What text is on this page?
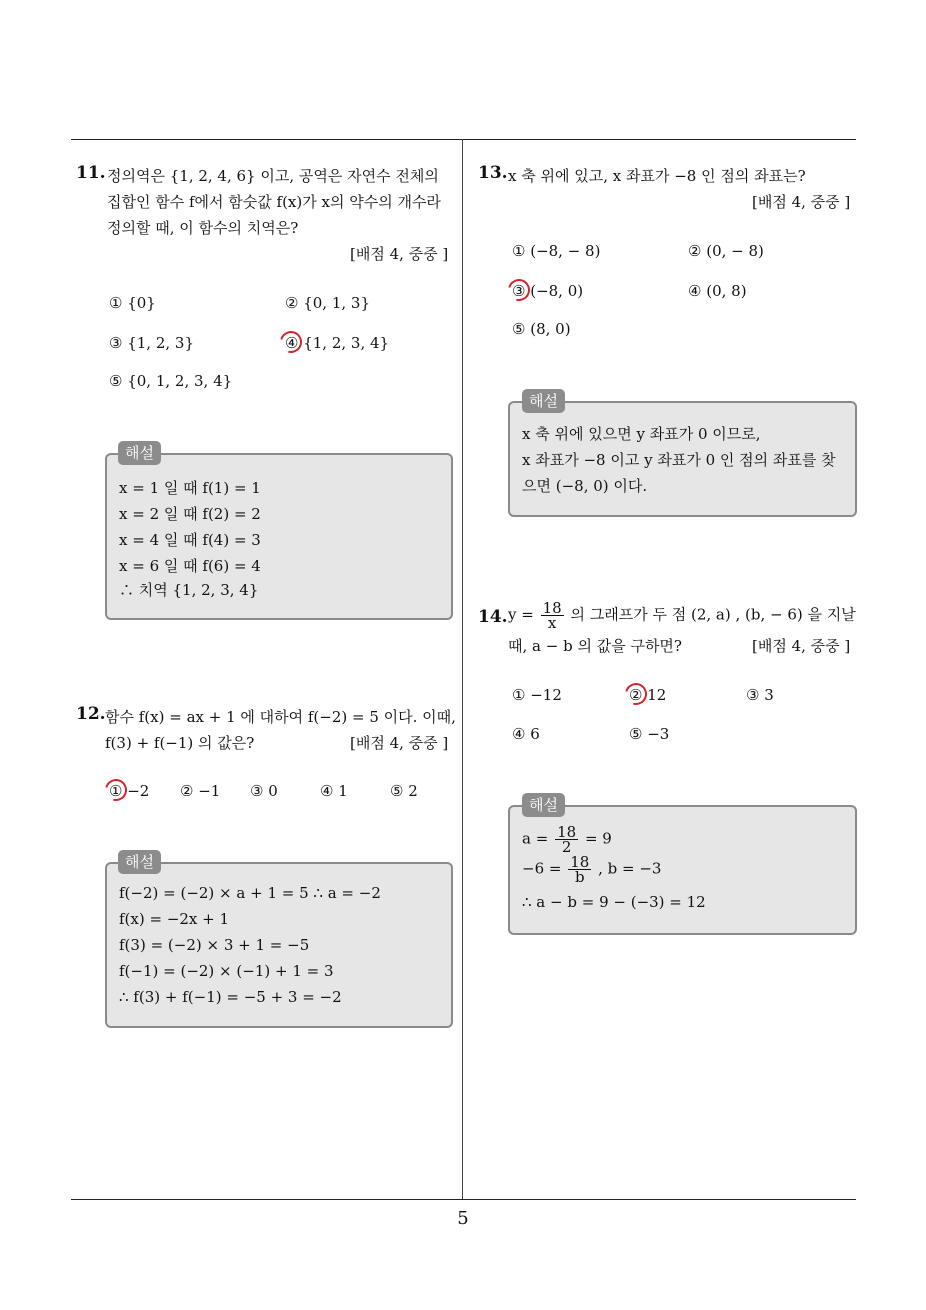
11. 정의역은 {1, 2, 4, 6} 이고, 공역은 자연수 전체의
집합인 함수 f에서 함숫값 f(x)가 x의 약수의 개수라
정의할 때, 이 함수의 치역은?
[배점 4, 중중 ]
① {0}	② {0, 1, 3}
③ {1, 2, 3}	④ {1, 2, 3, 4}
⑤ {0, 1, 2, 3, 4}
x = 1 일 때 f(1) = 1
x = 2 일 때 f(2) = 2
x = 4 일 때 f(4) = 3
x = 6 일 때 f(6) = 4
∴ 치역 {1, 2, 3, 4}
해설
12. 함수 f(x) = ax + 1 에 대하여 f(−2) = 5 이다. 이때,
f(3) + f(−1) 의 값은?	[배점 4, 중중 ]
① −2 ② −1 ③ 0	④ 1	⑤ 2
f(−2) = (−2) × a + 1 = 5 ∴ a = −2
f(x) = −2x + 1
f(3) = (−2) × 3 + 1 = −5
f(−1) = (−2) × (−1) + 1 = 3
∴ f(3) + f(−1) = −5 + 3 = −2
해설
13. x 축 위에 있고, x 좌표가 −8 인 점의 좌표는?
[배점 4, 중중 ]
① (−8, − 8)	② (0, − 8)
③ (−8, 0)	④ (0, 8)
⑤ (8, 0)
x 축 위에 있으면 y 좌표가 0 이므로,
x 좌표가 −8 이고 y 좌표가 0 인 점의 좌표를 찾
으면 (−8, 0) 이다.
해설
14. $y = \frac{18}{x}$ 의 그래프가 두 점 (2, a) , (b, − 6) 을 지날
때, a − b 의 값을 구하면?	[배점 4, 중중 ]
① −12	② 12	③ 3
④ 6	⑤ −3
$a = \frac{18}{2} = 9$
$-6 = \frac{18}{b}$ , b = −3
∴ a − b = 9 − (−3) = 12
해설
5
